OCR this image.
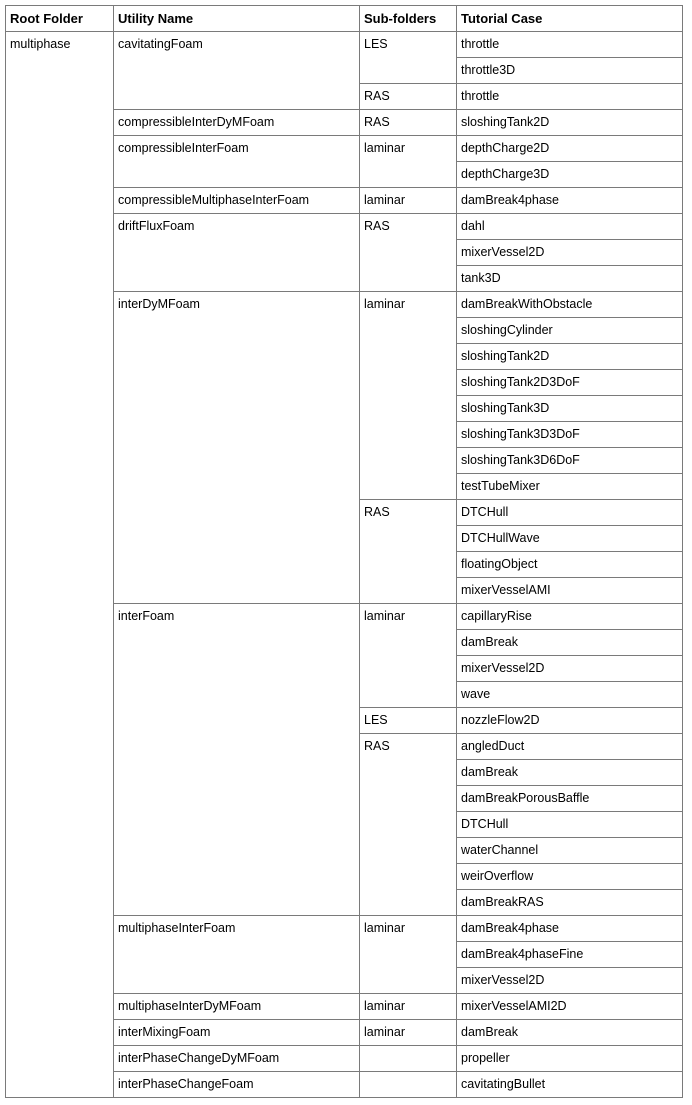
Root Folder	Utility Name	Sub-folders	Tutorial Case
multiphase	cavitatingFoam	LES	throttle
			throttle3D
		RAS	throttle
	compressibleInterDyMFoam	RAS	sloshingTank2D
	compressibleInterFoam	laminar	depthCharge2D
			depthCharge3D
	compressibleMultiphaseInterFoam	laminar	damBreak4phase
	driftFluxFoam	RAS	dahl
			mixerVessel2D
			tank3D
	interDyMFoam	laminar	damBreakWithObstacle
			sloshingCylinder
			sloshingTank2D
			sloshingTank2D3DoF
			sloshingTank3D
			sloshingTank3D3DoF
			sloshingTank3D6DoF
			testTubeMixer
		RAS	DTCHull
			DTCHullWave
			floatingObject
			mixerVesselAMI
	interFoam	laminar	capillaryRise
			damBreak
			mixerVessel2D
			wave
		LES	nozzleFlow2D
		RAS	angledDuct
			damBreak
			damBreakPorousBaffle
			DTCHull
			waterChannel
			weirOverflow
			damBreakRAS
	multiphaseInterFoam	laminar	damBreak4phase
			damBreak4phaseFine
			mixerVessel2D
	multiphaseInterDyMFoam	laminar	mixerVesselAMI2D
	interMixingFoam	laminar	damBreak
	interPhaseChangeDyMFoam		propeller
	interPhaseChangeFoam		cavitatingBullet
